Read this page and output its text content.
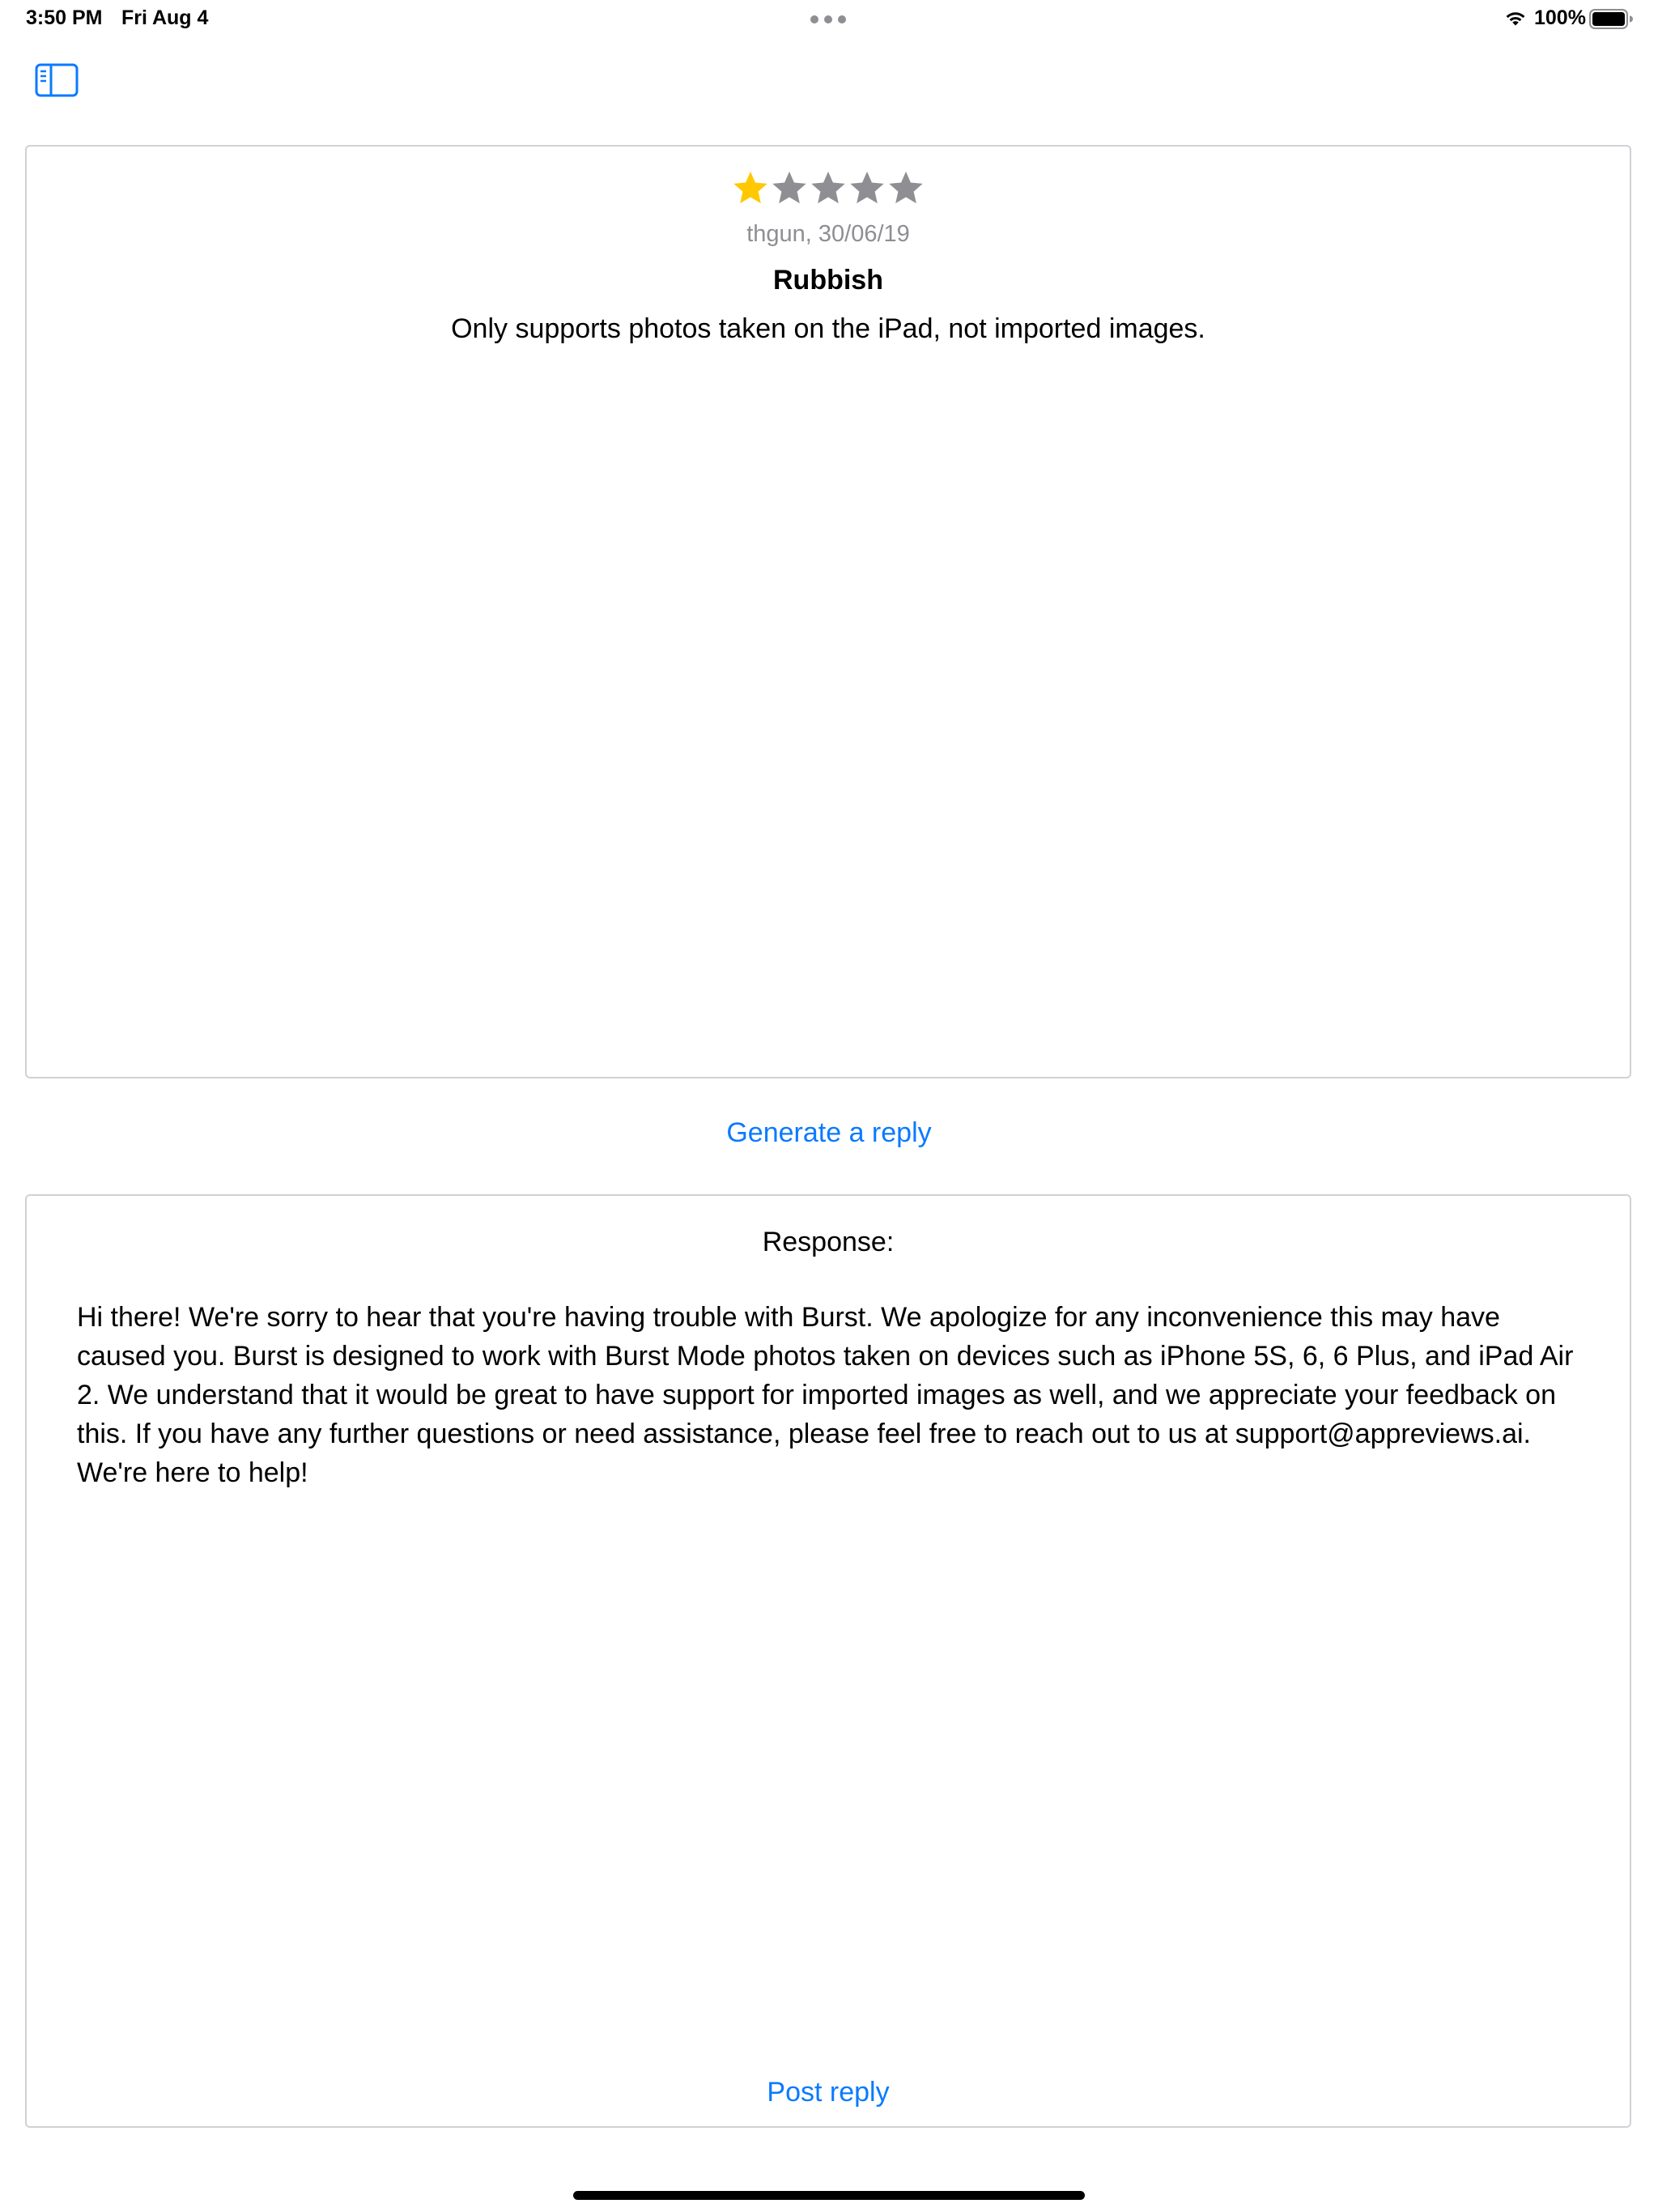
3:50 PM Fri Aug 4	100%
thgun, 30/06/19
Rubbish
Only supports photos taken on the iPad, not imported images.
Generate a reply
Response:
Hi there! We're sorry to hear that you're having trouble with Burst. We apologize for any inconvenience this may have caused you. Burst is designed to work with Burst Mode photos taken on devices such as iPhone 5S, 6, 6 Plus, and iPad Air 2. We understand that it would be great to have support for imported images as well, and we appreciate your feedback on this. If you have any further questions or need assistance, please feel free to reach out to us at support@appreviews.ai. We're here to help!
Post reply
